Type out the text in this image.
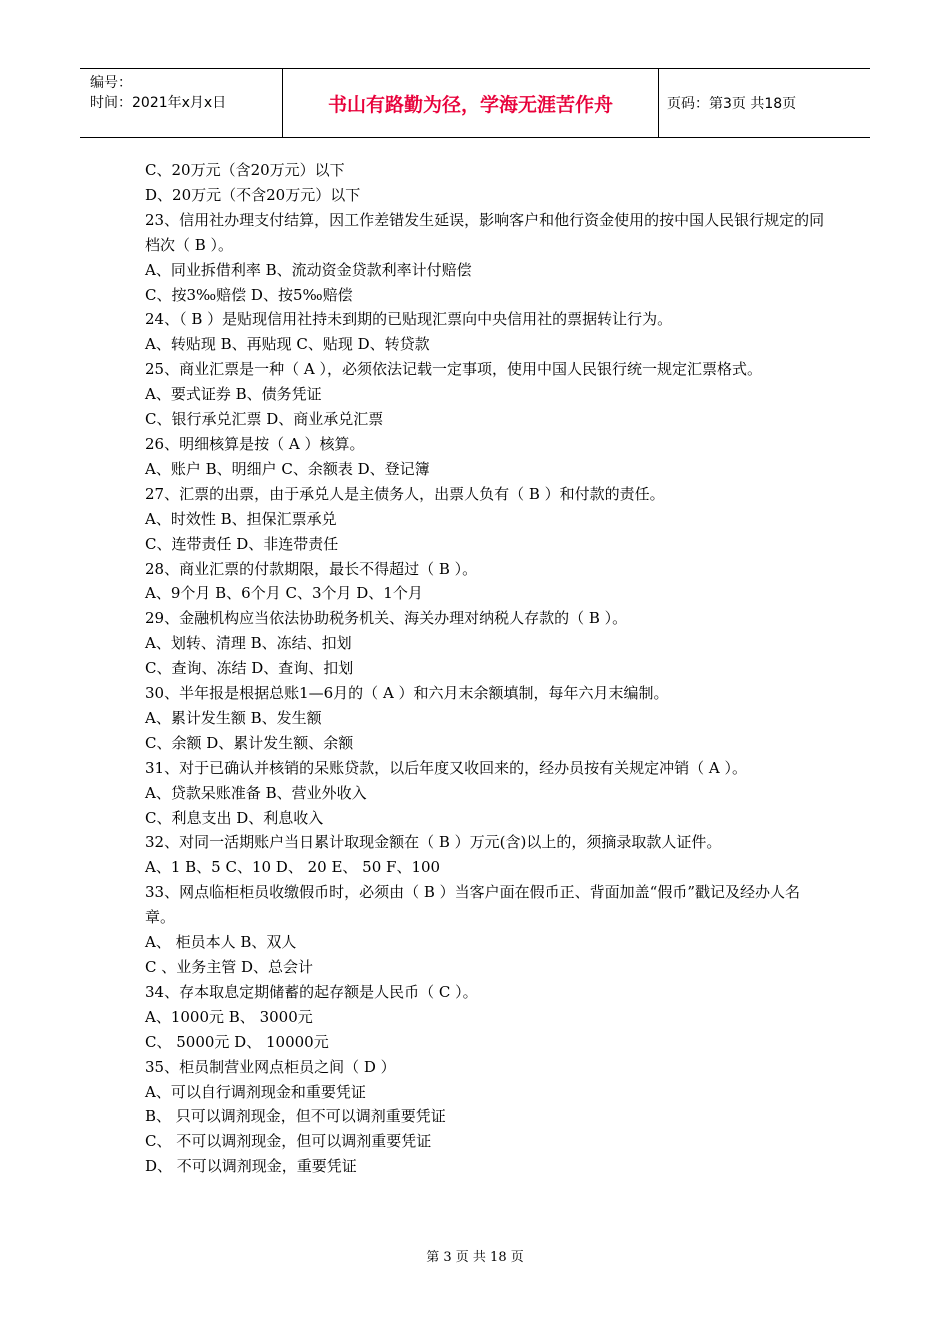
编号：
时间：2021年x月x日	书山有路勤为径，学海无涯苦作舟	页码：第3页 共18页
C、20万元（含20万元）以下
D、20万元（不含20万元）以下
23、信用社办理支付结算，因工作差错发生延误，影响客户和他行资金使用的按中国人民银行规定的同档次（ B ）。
A、同业拆借利率 B、流动资金贷款利率计付赔偿
C、按3‰赔偿 D、按5‰赔偿
24、（ B ）是贴现信用社持未到期的已贴现汇票向中央信用社的票据转让行为。
A、转贴现 B、再贴现 C、贴现 D、转贷款
25、商业汇票是一种（ A ），必须依法记载一定事项，使用中国人民银行统一规定汇票格式。
A、要式证券 B、债务凭证
C、银行承兑汇票 D、商业承兑汇票
26、明细核算是按（ A ）核算。
A、账户 B、明细户 C、余额表 D、登记簿
27、汇票的出票，由于承兑人是主债务人，出票人负有（ B ）和付款的责任。
A、时效性 B、担保汇票承兑
C、连带责任 D、非连带责任
28、商业汇票的付款期限，最长不得超过（ B ）。
A、9个月 B、6个月 C、3个月 D、1个月
29、金融机构应当依法协助税务机关、海关办理对纳税人存款的（ B ）。
A、划转、清理 B、冻结、扣划
C、查询、冻结 D、查询、扣划
30、半年报是根据总账1—6月的（ A ）和六月末余额填制，每年六月末编制。
A、累计发生额 B、发生额
C、余额 D、累计发生额、余额
31、对于已确认并核销的呆账贷款，以后年度又收回来的，经办员按有关规定冲销（ A ）。
A、贷款呆账准备 B、营业外收入
C、利息支出 D、利息收入
32、对同一活期账户当日累计取现金额在（ B ）万元(含)以上的，须摘录取款人证件。
A、1 B、5 C、10 D、 20 E、 50 F、100
33、网点临柜柜员收缴假币时，必须由（ B ）当客户面在假币正、背面加盖“假币”戳记及经办人名章。
A、 柜员本人 B、双人
C 、业务主管 D、总会计
34、存本取息定期储蓄的起存额是人民币（ C ）。
A、1000元 B、 3000元
C、 5000元 D、 10000元
35、柜员制营业网点柜员之间（ D ）
A、可以自行调剂现金和重要凭证
B、 只可以调剂现金，但不可以调剂重要凭证
C、 不可以调剂现金，但可以调剂重要凭证
D、 不可以调剂现金，重要凭证
第 3 页 共 18 页
